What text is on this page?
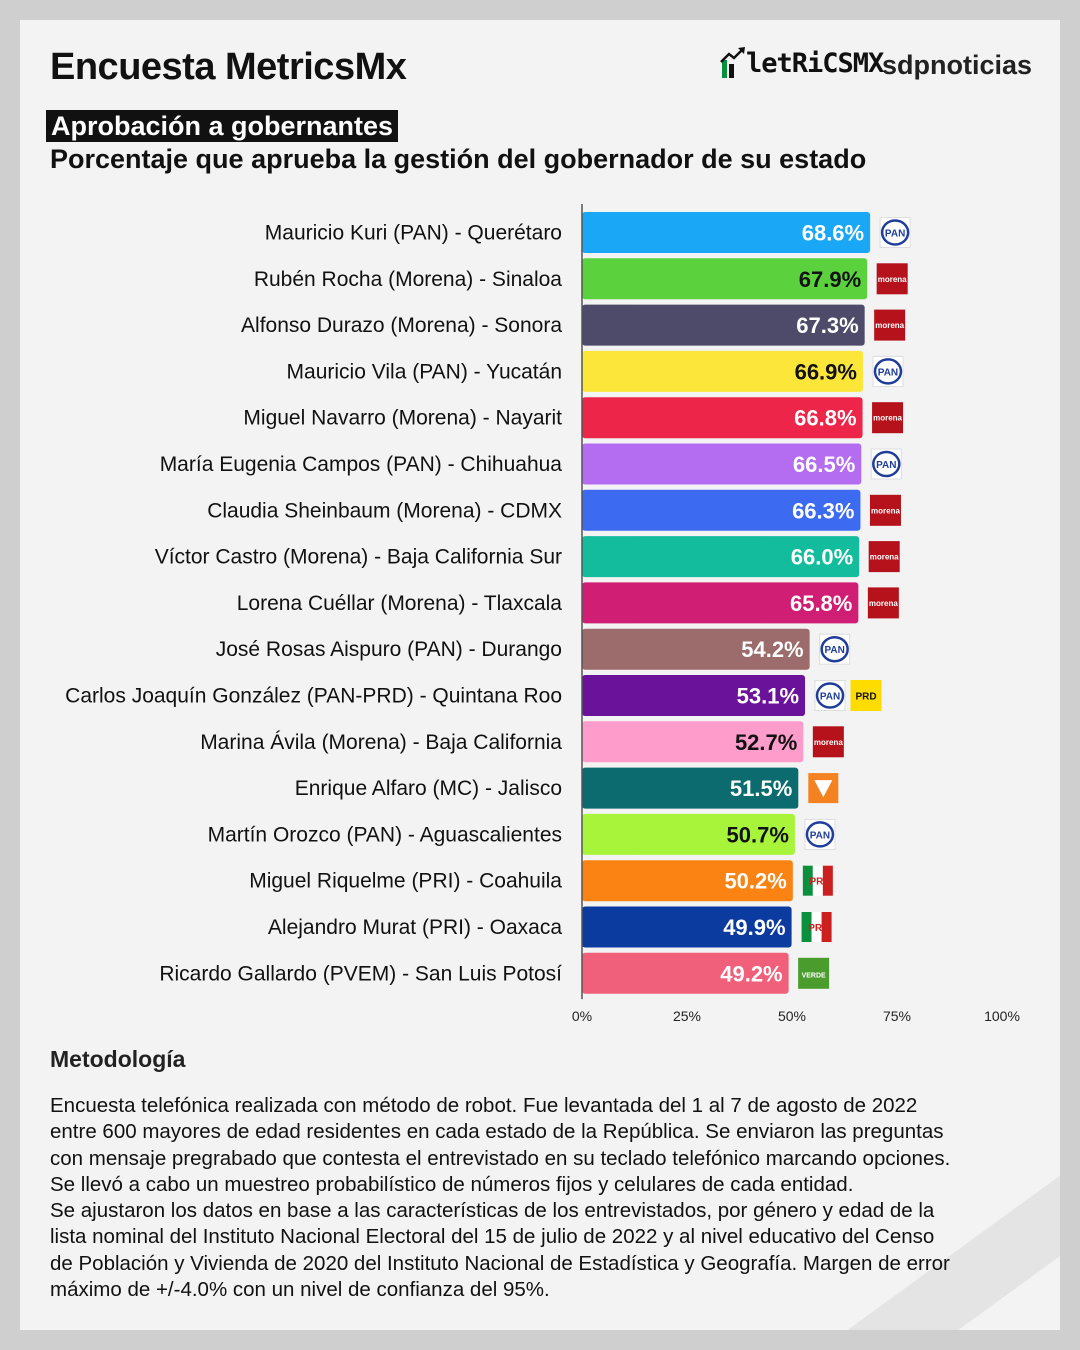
Encuesta MetricsMx	letRiCSMX
sdpnoticias
Aprobación a gobernantes
Porcentaje que aprueba la gestión del gobernador de su estado
Mauricio Kuri (PAN) - Querétaro	68.6% PAN
Rubén Rocha (Morena) - Sinaloa	67.9% morena
Alfonso Durazo (Morena) - Sonora	67.3% morena
Mauricio Vila (PAN) - Yucatán	66.9% PAN
Miguel Navarro (Morena) - Nayarit	66.8% morena
María Eugenia Campos (PAN) - Chihuahua	66.5% PAN
Claudia Sheinbaum (Morena) - CDMX	66.3% morena
Víctor Castro (Morena) - Baja California Sur	66.0% morena
Lorena Cuéllar (Morena) - Tlaxcala	65.8% morena
José Rosas Aispuro (PAN) - Durango	54.2% PAN
Carlos Joaquín González (PAN-PRD) - Quintana Roo	53.1% PAN PRD
Marina Ávila (Morena) - Baja California	52.7% morena
Enrique Alfaro (MC) - Jalisco	51.5%
Martín Orozco (PAN) - Aguascalientes	50.7% PAN
Miguel Riquelme (PRI) - Coahuila	50.2% PRI
Alejandro Murat (PRI) - Oaxaca	49.9% PRI
Ricardo Gallardo (PVEM) - San Luis Potosí	49.2%	VERDE
0%	25%	50%	75%	100%
Metodología

Encuesta telefónica realizada con método de robot. Fue levantada del 1 al 7 de agosto de 2022
entre 600 mayores de edad residentes en cada estado de la República. Se enviaron las preguntas
con mensaje pregrabado que contesta el entrevistado en su teclado telefónico marcando opciones.
Se llevó a cabo un muestreo probabilístico de números fijos y celulares de cada entidad.
Se ajustaron los datos en base a las características de los entrevistados, por género y edad de la
lista nominal del Instituto Nacional Electoral del 15 de julio de 2022 y al nivel educativo del Censo
de Población y Vivienda de 2020 del Instituto Nacional de Estadística y Geografía. Margen de error
máximo de +/-4.0% con un nivel de confianza del 95%.
